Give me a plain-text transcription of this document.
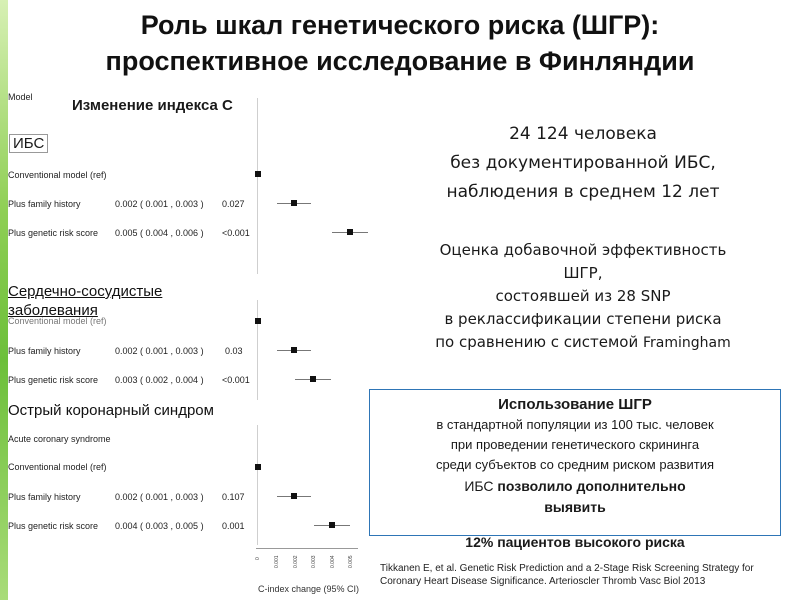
Роль шкал генетического риска (ШГР):
проспективное исследование в Финляндии
Model	Изменение индекса С
ИБС
Conventional model (ref)
Plus family history	0.002 ( 0.001 , 0.003 ) 0.027
Plus genetic risk score 0.005 ( 0.004 , 0.006 ) <0.001
Сердечно-сосудистые заболевания
Conventional model (ref)
Plus family history	0.002 ( 0.001 , 0.003 ) 0.03
Plus genetic risk score 0.003 ( 0.002 , 0.004 ) <0.001
Острый коронарный синдром
Acute coronary syndrome
Conventional model (ref)
Plus family history	0.002 ( 0.001 , 0.003 ) 0.107
Plus genetic risk score 0.004 ( 0.003 , 0.005 ) 0.001
0	0.001	0.002 0.003	0.004 0.005
C-index change (95% CI)
24 124 человека
без документированной ИБС,
наблюдения в среднем 12 лет
Оценка добавочной эффективность
ШГР,
состоявшей из 28 SNP
в реклассификации степени риска
по сравнению с системой Framingham
Использование ШГР
в стандартной популяции из 100 тыс. человек
при проведении генетического скрининга
среди субъектов со средним риском развития
ИБС позволило дополнительно
выявить
12% пациентов высокого риска
Tikkanen E, et al. Genetic Risk Prediction and a 2-Stage Risk Screening Strategy for
Coronary Heart Disease Significance. Arterioscler Thromb Vasc Biol 2013
